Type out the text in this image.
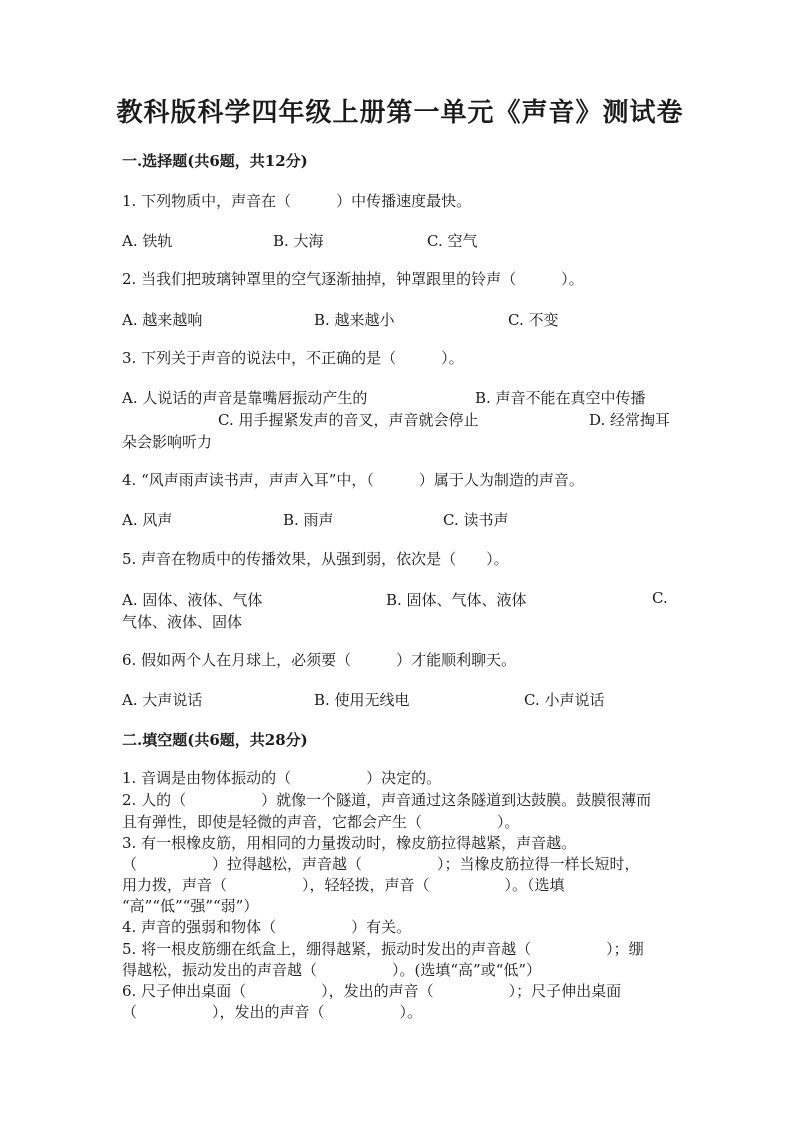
教科版科学四年级上册第一单元《声音》测试卷
一.选择题(共6题，共12分)
1. 下列物质中，声音在（　　　）中传播速度最快。
A. 铁轨	B. 大海	C. 空气
2. 当我们把玻璃钟罩里的空气逐渐抽掉，钟罩跟里的铃声（　　　）。
A. 越来越响	B. 越来越小	C. 不变
3. 下列关于声音的说法中，不正确的是（　　　）。
A. 人说话的声音是靠嘴唇振动产生的	B. 声音不能在真空中传播
C. 用手握紧发声的音叉，声音就会停止	D. 经常掏耳
朵会影响听力
4. “风声雨声读书声，声声入耳”中，（　　　）属于人为制造的声音。
A. 风声	B. 雨声	C. 读书声
5. 声音在物质中的传播效果，从强到弱，依次是（　　）。
A. 固体、液体、气体	B. 固体、气体、液体	C.
气体、液体、固体
6. 假如两个人在月球上，必须要（　　　）才能顺利聊天。
A. 大声说话	B. 使用无线电	C. 小声说话
二.填空题(共6题，共28分)
1. 音调是由物体振动的（　　　　　）决定的。
2. 人的（　　　　　）就像一个隧道，声音通过这条隧道到达鼓膜。鼓膜很薄而
且有弹性，即使是轻微的声音，它都会产生（　　　　　）。
3. 有一根橡皮筋，用相同的力量拨动时，橡皮筋拉得越紧，声音越。
（　　　　　）拉得越松，声音越（　　　　　）；当橡皮筋拉得一样长短时，
用力拨，声音（　　　　　），轻轻拨，声音（　　　　　）。（选填
“高”“低”“强”“弱”）
4. 声音的强弱和物体（　　　　　）有关。
5. 将一根皮筋绷在纸盒上，绷得越紧，振动时发出的声音越（　　　　　）；绷
得越松，振动发出的声音越（　　　　　）。(选填“高”或“低”）
6. 尺子伸出桌面（　　　　　），发出的声音（　　　　　）；尺子伸出桌面
（　　　　　），发出的声音（　　　　　）。
